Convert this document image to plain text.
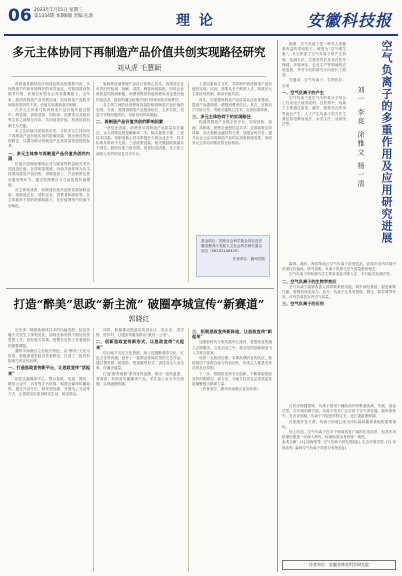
06 2023年7月15日 星期三
第1334期 本期8版 责编:孔新	理 论	安徽科技报
多元主体协同下再制造产品价值共创实现路径研究
刘从虎 毛慧颖

再制造是循环经济和绿色制造的重要内容，实现资源节约和环境保护的有效途径，对我国建设资源节约型、环境友好型社会具有重要意义。近年来，我国再制造产业发展迅速，但再制造产品的市场接受度仍然不高，价值实现面临诸多困难。

在多元主体参与的再制造产品价值共创过程中，制造商、再制造商、回收商、消费者以及政府等主体之间相互作用、共同创造价值，构建协同机制尤为关键。

本文从价值共创视角出发，分析多元主体协同下再制造产品价值实现的影响因素，提出相应的实现路径，以期为推动再制造产业高质量发展提供参考。

一、多元主体参与再制造产品价值共创的内涵

价值共创理论强调企业与顾客等利益相关者共同创造价值。在再制造领域，价值共创体现为各主体围绕废旧产品回收、再制造加工、产品销售及售后服务等环节，通过资源整合与互动实现价值增值。

从主体构成看，再制造价值共创涉及原始制造商、再制造企业、回收企业、消费者和政府等。各主体拥有不同的资源和能力，在价值网络中扮演不同角色。

原始制造商掌握产品设计和核心技术，再制造企业负责旧件检测、拆解、清洗、修复和再装配，回收企业承担逆向物流职能，消费者既是价值的使用者也是价值的创造者，政府则通过政策法规引导和规范市场秩序。

各主体之间的协同程度直接影响再制造产品价值的实现。当前，我国再制造产业链条较长、主体分散，信息不对称问题突出，导致协同效率偏低。

二、再制造产品价值共创的影响因素

一是信任因素。消费者对再制造产品质量存在疑虑，认为再制造就是翻新或二手，购买意愿不强。二是技术因素。再制造核心技术掌握在少数企业手中，技术标准体系尚不完善。三是政策因素。相关激励政策落实不到位，税收优惠力度有限。四是信息因素。各主体之间缺乏有效的信息共享平台。

上述因素相互交织，共同制约着再制造产品价值的实现。因此，需要从多个维度入手，构建多元主体协同机制，推动价值共创。

首先，应加强再制造产品质量认证体系建设，提高产品透明度，增强消费者信任。其次，应推动产学研合作，突破关键核心技术，完善标准体系。

三、多元主体协同下的实现路径

构建再制造产业数字化平台，实现回收、检测、再制造、销售全流程信息共享；完善政策支持体系，加大财税金融扶持力度；加强宣传引导，提升社会公众对再制造产品的认知度和接受度，形成多元主体协同推进的良好格局。

基金项目：国家社会科学基金项目及安徽省教育厅高校人文社会科学研究重点项目（SK2021A0420）
作者单位：滁州学院
打造“醉美”思政“新主流” 破圈亭城宣传“新赛道”
郭晓红

近年来，随着新媒体技术的迅猛发展，信息传播方式发生了深刻变化。如何在新形势下做好宣传思想工作，讲好地方故事，是摆在宣传工作者面前的重要课题。

滁州市南谯区立足地方特色，以“醉美”文化为纽带，积极探索思政宣传新路径，打造了一批具有影响力的宣传品牌。

一、打造思政宣传新平台，让思政宣传“活起来”

依托区融媒体中心，整合报纸、电视、网站、微信公众号、抖音等平台资源，构建全媒体传播矩阵。通过开设专栏、制作短视频、开展线上互动等方式，让思政宣传更加鲜活生动，贴近群众。

同时，积极推动思政宣传进社区、进企业、进学校、进乡村，打通宣传服务群众“最后一公里”。

二、创新思政宣传新形式，让思政宣传“火起来”

结合地方历史文化资源，深入挖掘醉翁亭文化、红色文化等内涵，创作了一批群众喜闻乐见的文艺作品。通过情景剧、微电影、短视频等形式，讲述身边人身边事，传播正能量。

打造“醉美南谯”系列宣传品牌，推出一批有温度、有深度、有热度的融媒体产品，多次登上各大平台热搜，实现破圈传播。

三、拓展思政宣传新阵地，让思政宣传“新起来”

加强新时代文明实践中心建设，将思政宣传融入志愿服务、文化活动之中，推动党的创新理论飞入寻常百姓家。

培养一支政治过硬、本领高强的宣传队伍，鼓励基层干部群众参与内容创作，形成人人都是宣传员的良好氛围。

下一步，将继续坚持守正创新，不断探索思政宣传的新路径、新方法，为地方经济社会高质量发展凝聚强大精神力量。

（作者单位：滁州市南谯区委宣传部）

空气负离子的多重作用及应用研究进展
刘一 李亮 涂雅文 杨一清

摘要：空气负离子是一种对人体健康有益的带电粒子，被誉为“空气维生素”。本文综述了空气负离子的产生机理、检测方法、生物学效应及其在医疗保健、环境净化、农业生产等领域的应用进展，并对今后的研究方向进行了展望。

关键词：空气负离子；生物效应；应用

一、空气负离子的产生

空气负离子是空气中的氧分子结合了自由电子而形成的。自然界中，负离子主要通过雷电、瀑布、植物光合作用等途径产生。人工产生负离子的方法主要包括电晕放电法、水发生法、放射线法等。

森林、瀑布、海滨等地区空气负离子浓度较高，而城市室内环境中浓度往往偏低。研究表明，负离子浓度与空气质量密切相关。

空气负离子的检测方法主要有电容式吸入法、平行板式检测法等。

二、空气负离子的生物学效应

空气负离子能够改善人体呼吸系统功能，调节神经系统，促进新陈代谢，增强机体免疫力。此外，负离子还具有抑菌、降尘、除异味等作用，可有效改善室内空气质量。

三、空气负离子的应用

在医疗保健领域，负离子被用于辅助治疗呼吸道疾病、失眠、高血压等。在环境治理方面，负离子技术广泛应用于空气净化器、新风系统中。在农业领域，负离子可促进作物生长、延长果蔬保鲜期。

在旅游开发方面，负离子浓度已成为评价森林康养基地的重要指标。

综上所述，空气负离子在多个领域具有广阔的应用前景，但其作用机理仍需进一步深入研究，检测标准也有待统一规范。

参考文献：[1] 邵海荣等. 空气负离子研究进展[J]. 生态环境学报. [2] 吴焕忠等. 森林空气负离子浓度分布特征[J].

作者单位：安徽省林业科学研究院
